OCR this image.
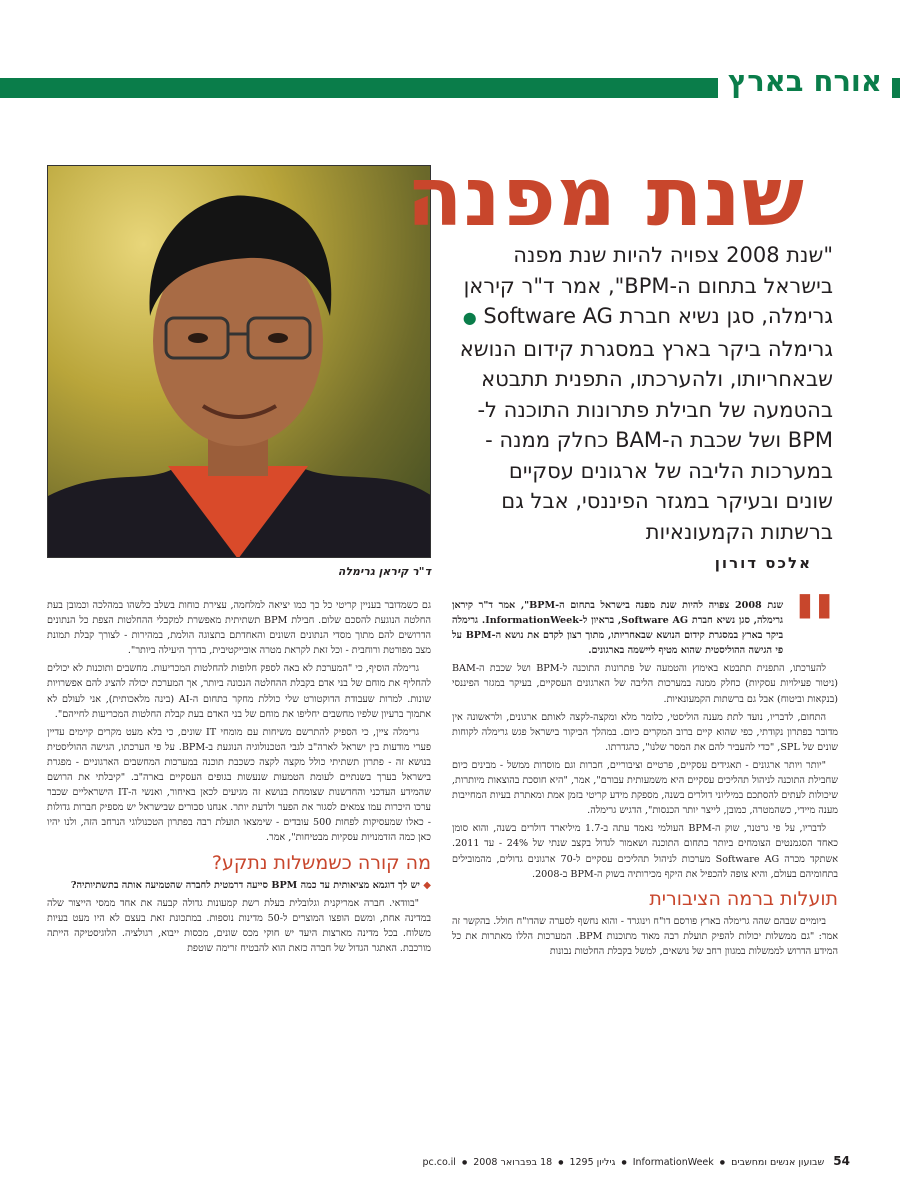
אורח בארץ
ד"ר קיראן גרימלה
שנת מפנה
"שנת 2008 צפויה להיות שנת מפנה בישראל בתחום ה-BPM", אמר ד"ר קיראן גרימלה, סגן נשיא חברת Software AG ● גרימלה ביקר בארץ במסגרת קידום הנושא שבאחריותו, ולהערכתו, התפנית תתבטא בהטמעה של חבילת פתרונות התוכנה ל-BPM ושל שכבת ה-BAM כחלק ממנה - במערכות הליבה של ארגונים עסקיים שונים ובעיקר במגזר הפיננסי, אבל גם ברשתות הקמעונאיות
אלכס דורון
"

שנת 2008 צפויה להיות שנת מפנה בישראל בתחום ה-BPM", אמר ד"ר קיראן גרימלה, סגן נשיא חברת Software AG, בראיון ל-InformationWeek. גרימלה ביקר בארץ במסגרת קידום הנושא שבאחריותו, מתוך רצון לקדם את נושא ה-BPM על פי הגישה ההוליסטית שהוא מטיף ליישמה בארגונים.

להערכתו, התפנית תתבטא באימוץ והטמעה של פתרונות התוכנה ל-BPM ושל שכבת ה-BAM (ניטור פעילויות עסקיות) כחלק ממנה במערכות הליבה של הארגונים העסקיים, בעיקר במגזר הפיננסי (בנקאות וביטוח) אבל גם ברשתות הקמעונאיות.

התחום, לדבריו, נועד לתת מענה הוליסטי, כלומר מלא ומקצה-לקצה לאותם ארגונים, ולראשונה אין מדובר בפתרון נקודתי, כפי שהוא קיים ברוב המקרים כיום. במהלך הביקור בישראל פגש גרימלה לקוחות שונים של SPL, "כדי להעביר להם את המסר שלנו", כהגדרתו.

"יותר ויותר ארגונים - תאגידים עסקיים, פרטיים וציבוריים, חברות וגם מוסדות ממשל - מבינים כיום שחבילת התוכנה לניהול תהליכים עסקיים היא משמעותית עבורם", אמר, "היא חוסכת בהוצאות מיותרות, שיכולות לעתים להסתכם במיליוני דולרים בשנה, מספקת מידע קריטי בזמן אמת ומאתרת בעיות המחייבות מענה מיידי, כשהמטרה, כמובן, לייצר יותר הכנסות", הדגיש גרימלה.

לדבריו, על פי גרטנר, שוק ה-BPM העולמי נאמד עתה ב-1.7 מיליארד דולרים בשנה, והוא סומן כאחד הסגמנטים הצומחים ביותר בתחום התוכנה ושאמור לגדול בקצב שנתי של 24% - עד 2011. אשתקד מכרה Software AG מערכות לניהול תהליכים עסקיים ל-70 ארגונים גדולים, מהמובילים בתחומיהם בעולם, והיא צופה להכפיל את היקף מכירותיה בשוק ה-BPM ב-2008.

תועלות ברמה הציבורית

ביומיים שבהם שהה גרימלה בארץ פורסם דו"ח וינוגרד - והוא נחשף לסערה שהדו"ח חולל. בהקשר זה אמר: "גם ממשלות יכולות להפיק תועלת רבה מאוד מתוכנות BPM. המערכות הללו מאתרות את כל המידע הדרוש לממשלות במגוון רחב של נושאים, למשל בקבלת החלטות נבונות

גם כשמדובר בעניין קריטי כל כך כמו יציאה למלחמה, עצירת כוחות בשלב כלשהו במהלכה וכמובן בעת החלטה הנוגעת להסכם שלום. חבילת BPM תשתיתית מאפשרת למקבלי ההחלטות הצפת כל הנתונים הדרושים להם מתוך מסדי הנתונים השונים והאחדתם בתצוגה הולמת, במהירות - לצורך קבלת תמונת מצב מפורטת ורוחבית - וכל זאת לקראת מטרה אובייקטיבית, בדרך היעילה ביותר".

גרימלה הוסיף, כי "המערכת לא באה לספק חלופות להחלטות המכריעות. מחשבים ותוכנות לא יכולים להחליף את מוחם של בני אדם בקבלת ההחלטה הנכונה ביותר, אך המערכת יכולה להציג להם אפשרויות שונות. למרות שעבודת הדוקטורט שלי כוללת מחקר בתחום ה-AI (בינה מלאכותית), אני לעולם לא אתמוך ברעיון שלפיו מחשבים יחליפו את מוחם של בני האדם בעת קבלת החלטות המכריעות לחייהם".

גרימלה ציין, כי הספיק להתרשם משיחות עם מומחי IT שונים, כי בלא מעט מקרים קיימים עדיין פערי מודעות בין ישראל לארה"ב לגבי הטכנולוגיה הנוגעת ב-BPM. על פי הערכתו, הגישה ההוליסטית בנושא זה - פתרון תשתיתי כולל מקצה לקצה כשכבת תוכנה במערכות המחשבים הארגוניים - מפגרת בישראל בערך בשנתיים לעומת הטמעות שנעשות בגופים העסקיים בארה"ב. "קיבלתי את הרושם שהמידע העדכני והחדשנות שצומחת בנושא זה מגיעים לכאן באיחור, ואנשי ה-IT הישראליים שכבר ערכו היכרות עמו צמאים לסגור את הפער ולדעת יותר. אנחנו סבורים שבישראל יש מספיק חברות גדולות - כאלו שמעסיקות לפחות 500 עובדים - שימצאו תועלת רבה בפתרון הטכנולוגי הנרחב הזה, ולנו יהיו כאן כמה הזדמנויות עסקיות מבטיחות", אמר.

מה קורה כשמשלות נתקע?

◆ יש לך דוגמא מציאותית עד כמה BPM סייעה דרמטית לחברה שהטמיעה אותה בתשתיותיה?

"בוודאי. חברה אמריקנית וגלובלית בעלת רשת קמעונות גדולה קבעה את אחד ממסי הייצור שלה במדינה אחת, ומשם הופצו המוצרים ל-50 מדינות נוספות. במתכונת זאת בעצם לא היו מעט בעיות משלוח. בכל מדינה מארצות היעד יש חוקי מכס שונים, מכסות ייבוא, רגולציה. הלוגיסטיקה הייתה מורכבת. האתגר הגדול של חברה כזאת הוא להבטיח זרימה שוטפת

54 שבועון אנשים ומחשבים ● InformationWeek ● גיליון 1295 ● 18 בפברואר 2008 ● pc.co.il
